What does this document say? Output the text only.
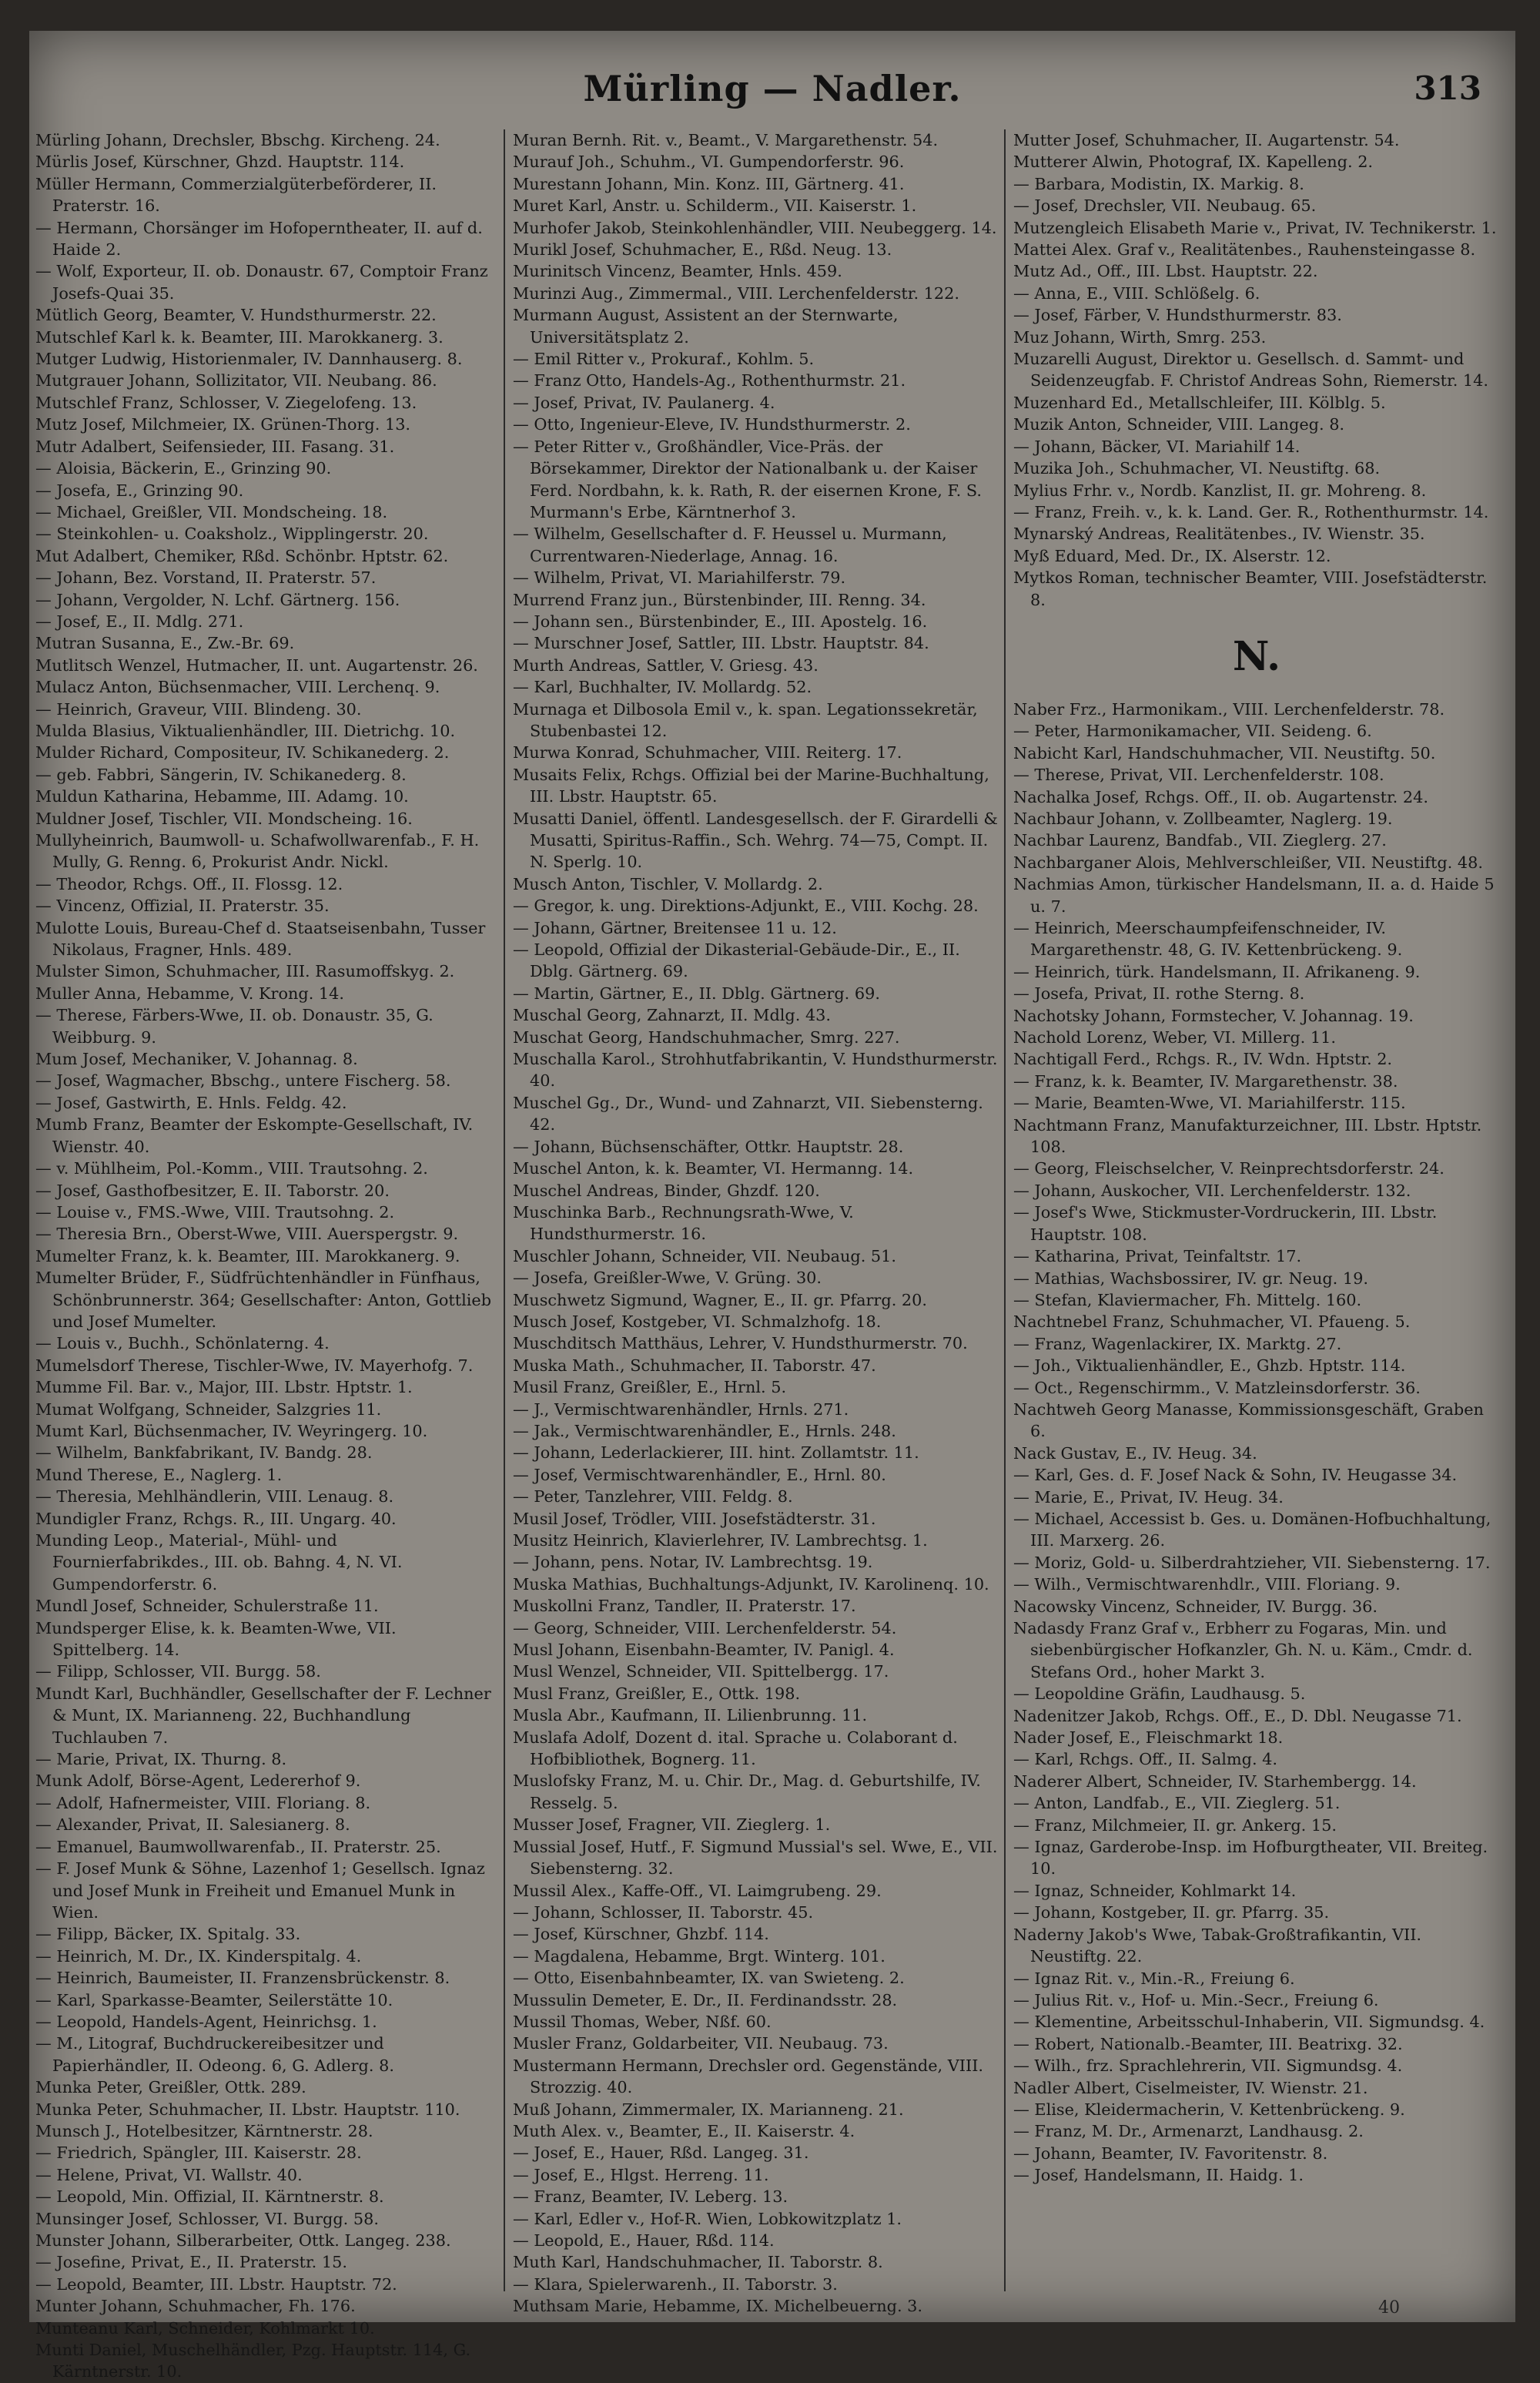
Mürling — Nadler.	313

Mürling Johann, Drechsler, Bbschg. Kircheng. 24.

Mürlis Josef, Kürschner, Ghzd. Hauptstr. 114.

Müller Hermann, Commerzialgüterbeförderer, II. Praterstr. 16.

— Hermann, Chorsänger im Hofoperntheater, II. auf d. Haide 2.

— Wolf, Exporteur, II. ob. Donaustr. 67, Comptoir Franz Josefs-Quai 35.

Mütlich Georg, Beamter, V. Hundsthurmerstr. 22.

Mutschlef Karl k. k. Beamter, III. Marokkanerg. 3.

Mutger Ludwig, Historienmaler, IV. Dannhauserg. 8.

Mutgrauer Johann, Sollizitator, VII. Neubang. 86.

Mutschlef Franz, Schlosser, V. Ziegelofeng. 13.

Mutz Josef, Milchmeier, IX. Grünen-Thorg. 13.

Mutr Adalbert, Seifensieder, III. Fasang. 31.

— Aloisia, Bäckerin, E., Grinzing 90.

— Josefa, E., Grinzing 90.

— Michael, Greißler, VII. Mondscheing. 18.

— Steinkohlen- u. Coaksholz., Wipplingerstr. 20.

Mut Adalbert, Chemiker, Rßd. Schönbr. Hptstr. 62.

— Johann, Bez. Vorstand, II. Praterstr. 57.

— Johann, Vergolder, N. Lchf. Gärtnerg. 156.

— Josef, E., II. Mdlg. 271.

Mutran Susanna, E., Zw.-Br. 69.

Mutlitsch Wenzel, Hutmacher, II. unt. Augartenstr. 26.

Mulacz Anton, Büchsenmacher, VIII. Lerchenq. 9.

— Heinrich, Graveur, VIII. Blindeng. 30.

Mulda Blasius, Viktualienhändler, III. Dietrichg. 10.

Mulder Richard, Compositeur, IV. Schikanederg. 2.

— geb. Fabbri, Sängerin, IV. Schikanederg. 8.

Muldun Katharina, Hebamme, III. Adamg. 10.

Muldner Josef, Tischler, VII. Mondscheing. 16.

Mullyheinrich, Baumwoll- u. Schafwollwarenfab., F. H. Mully, G. Renng. 6, Prokurist Andr. Nickl.

— Theodor, Rchgs. Off., II. Flossg. 12.

— Vincenz, Offizial, II. Praterstr. 35.

Mulotte Louis, Bureau-Chef d. Staatseisenbahn, Tusser Nikolaus, Fragner, Hnls. 489.

Mulster Simon, Schuhmacher, III. Rasumoffskyg. 2.

Muller Anna, Hebamme, V. Krong. 14.

— Therese, Färbers-Wwe, II. ob. Donaustr. 35, G. Weibburg. 9.

Mum Josef, Mechaniker, V. Johannag. 8.

— Josef, Wagmacher, Bbschg., untere Fischerg. 58.

— Josef, Gastwirth, E. Hnls. Feldg. 42.

Mumb Franz, Beamter der Eskompte-Gesellschaft, IV. Wienstr. 40.

— v. Mühlheim, Pol.-Komm., VIII. Trautsohng. 2.

— Josef, Gasthofbesitzer, E. II. Taborstr. 20.

— Louise v., FMS.-Wwe, VIII. Trautsohng. 2.

— Theresia Brn., Oberst-Wwe, VIII. Auerspergstr. 9.

Mumelter Franz, k. k. Beamter, III. Marokkanerg. 9.

Mumelter Brüder, F., Südfrüchtenhändler in Fünfhaus, Schönbrunnerstr. 364; Gesellschafter: Anton, Gottlieb und Josef Mumelter.

— Louis v., Buchh., Schönlaterng. 4.

Mumelsdorf Therese, Tischler-Wwe, IV. Mayerhofg. 7.

Mumme Fil. Bar. v., Major, III. Lbstr. Hptstr. 1.

Mumat Wolfgang, Schneider, Salzgries 11.

Mumt Karl, Büchsenmacher, IV. Weyringerg. 10.

— Wilhelm, Bankfabrikant, IV. Bandg. 28.

Mund Therese, E., Naglerg. 1.

— Theresia, Mehlhändlerin, VIII. Lenaug. 8.

Mundigler Franz, Rchgs. R., III. Ungarg. 40.

Munding Leop., Material-, Mühl- und Fournierfabrikdes., III. ob. Bahng. 4, N. VI. Gumpendorferstr. 6.

Mundl Josef, Schneider, Schulerstraße 11.

Mundsperger Elise, k. k. Beamten-Wwe, VII. Spittelberg. 14.

— Filipp, Schlosser, VII. Burgg. 58.

Mundt Karl, Buchhändler, Gesellschafter der F. Lechner & Munt, IX. Marianneng. 22, Buchhandlung Tuchlauben 7.

— Marie, Privat, IX. Thurng. 8.

Munk Adolf, Börse-Agent, Ledererhof 9.

— Adolf, Hafnermeister, VIII. Floriang. 8.

— Alexander, Privat, II. Salesianerg. 8.

— Emanuel, Baumwollwarenfab., II. Praterstr. 25.

— F. Josef Munk & Söhne, Lazenhof 1; Gesellsch. Ignaz und Josef Munk in Freiheit und Emanuel Munk in Wien.

— Filipp, Bäcker, IX. Spitalg. 33.

— Heinrich, M. Dr., IX. Kinderspitalg. 4.

— Heinrich, Baumeister, II. Franzensbrückenstr. 8.

— Karl, Sparkasse-Beamter, Seilerstätte 10.

— Leopold, Handels-Agent, Heinrichsg. 1.

— M., Litograf, Buchdruckereibesitzer und Papierhändler, II. Odeong. 6, G. Adlerg. 8.

Munka Peter, Greißler, Ottk. 289.

Munka Peter, Schuhmacher, II. Lbstr. Hauptstr. 110.

Munsch J., Hotelbesitzer, Kärntnerstr. 28.

— Friedrich, Spängler, III. Kaiserstr. 28.

— Helene, Privat, VI. Wallstr. 40.

— Leopold, Min. Offizial, II. Kärntnerstr. 8.

Munsinger Josef, Schlosser, VI. Burgg. 58.

Munster Johann, Silberarbeiter, Ottk. Langeg. 238.

— Josefine, Privat, E., II. Praterstr. 15.

— Leopold, Beamter, III. Lbstr. Hauptstr. 72.

Munter Johann, Schuhmacher, Fh. 176.

Munteanu Karl, Schneider, Kohlmarkt 10.

Munti Daniel, Muschelhändler, Pzg. Hauptstr. 114, G. Kärntnerstr. 10.

Muran Bernh. Rit. v., Beamt., V. Margarethenstr. 54.

Murauf Joh., Schuhm., VI. Gumpendorferstr. 96.

Murestann Johann, Min. Konz. III, Gärtnerg. 41.

Muret Karl, Anstr. u. Schilderm., VII. Kaiserstr. 1.

Murhofer Jakob, Steinkohlenhändler, VIII. Neubeggerg. 14.

Murikl Josef, Schuhmacher, E., Rßd. Neug. 13.

Murinitsch Vincenz, Beamter, Hnls. 459.

Murinzi Aug., Zimmermal., VIII. Lerchenfelderstr. 122.

Murmann August, Assistent an der Sternwarte, Universitätsplatz 2.

— Emil Ritter v., Prokuraf., Kohlm. 5.

— Franz Otto, Handels-Ag., Rothenthurmstr. 21.

— Josef, Privat, IV. Paulanerg. 4.

— Otto, Ingenieur-Eleve, IV. Hundsthurmerstr. 2.

— Peter Ritter v., Großhändler, Vice-Präs. der Börsekammer, Direktor der Nationalbank u. der Kaiser Ferd. Nordbahn, k. k. Rath, R. der eisernen Krone, F. S. Murmann's Erbe, Kärntnerhof 3.

— Wilhelm, Gesellschafter d. F. Heussel u. Murmann, Currentwaren-Niederlage, Annag. 16.

— Wilhelm, Privat, VI. Mariahilferstr. 79.

Murrend Franz jun., Bürstenbinder, III. Renng. 34.

— Johann sen., Bürstenbinder, E., III. Apostelg. 16.

— Murschner Josef, Sattler, III. Lbstr. Hauptstr. 84.

Murth Andreas, Sattler, V. Griesg. 43.

— Karl, Buchhalter, IV. Mollardg. 52.

Murnaga et Dilbosola Emil v., k. span. Legationssekretär, Stubenbastei 12.

Murwa Konrad, Schuhmacher, VIII. Reiterg. 17.

Musaits Felix, Rchgs. Offizial bei der Marine-Buchhaltung, III. Lbstr. Hauptstr. 65.

Musatti Daniel, öffentl. Landesgesellsch. der F. Girardelli & Musatti, Spiritus-Raffin., Sch. Wehrg. 74—75, Compt. II. N. Sperlg. 10.

Musch Anton, Tischler, V. Mollardg. 2.

— Gregor, k. ung. Direktions-Adjunkt, E., VIII. Kochg. 28.

— Johann, Gärtner, Breitensee 11 u. 12.

— Leopold, Offizial der Dikasterial-Gebäude-Dir., E., II. Dblg. Gärtnerg. 69.

— Martin, Gärtner, E., II. Dblg. Gärtnerg. 69.

Muschal Georg, Zahnarzt, II. Mdlg. 43.

Muschat Georg, Handschuhmacher, Smrg. 227.

Muschalla Karol., Strohhutfabrikantin, V. Hundsthurmerstr. 40.

Muschel Gg., Dr., Wund- und Zahnarzt, VII. Siebensterng. 42.

— Johann, Büchsenschäfter, Ottkr. Hauptstr. 28.

Muschel Anton, k. k. Beamter, VI. Hermanng. 14.

Muschel Andreas, Binder, Ghzdf. 120.

Muschinka Barb., Rechnungsrath-Wwe, V. Hundsthurmerstr. 16.

Muschler Johann, Schneider, VII. Neubaug. 51.

— Josefa, Greißler-Wwe, V. Grüng. 30.

Muschwetz Sigmund, Wagner, E., II. gr. Pfarrg. 20.

Musch Josef, Kostgeber, VI. Schmalzhofg. 18.

Muschditsch Matthäus, Lehrer, V. Hundsthurmerstr. 70.

Muska Math., Schuhmacher, II. Taborstr. 47.

Musil Franz, Greißler, E., Hrnl. 5.

— J., Vermischtwarenhändler, Hrnls. 271.

— Jak., Vermischtwarenhändler, E., Hrnls. 248.

— Johann, Lederlackierer, III. hint. Zollamtstr. 11.

— Josef, Vermischtwarenhändler, E., Hrnl. 80.

— Peter, Tanzlehrer, VIII. Feldg. 8.

Musil Josef, Trödler, VIII. Josefstädterstr. 31.

Musitz Heinrich, Klavierlehrer, IV. Lambrechtsg. 1.

— Johann, pens. Notar, IV. Lambrechtsg. 19.

Muska Mathias, Buchhaltungs-Adjunkt, IV. Karolinenq. 10.

Muskollni Franz, Tandler, II. Praterstr. 17.

— Georg, Schneider, VIII. Lerchenfelderstr. 54.

Musl Johann, Eisenbahn-Beamter, IV. Panigl. 4.

Musl Wenzel, Schneider, VII. Spittelbergg. 17.

Musl Franz, Greißler, E., Ottk. 198.

Musla Abr., Kaufmann, II. Lilienbrunng. 11.

Muslafa Adolf, Dozent d. ital. Sprache u. Colaborant d. Hofbibliothek, Bognerg. 11.

Muslofsky Franz, M. u. Chir. Dr., Mag. d. Geburtshilfe, IV. Resselg. 5.

Musser Josef, Fragner, VII. Zieglerg. 1.

Mussial Josef, Hutf., F. Sigmund Mussial's sel. Wwe, E., VII. Siebensterng. 32.

Mussil Alex., Kaffe-Off., VI. Laimgrubeng. 29.

— Johann, Schlosser, II. Taborstr. 45.

— Josef, Kürschner, Ghzbf. 114.

— Magdalena, Hebamme, Brgt. Winterg. 101.

— Otto, Eisenbahnbeamter, IX. van Swieteng. 2.

Mussulin Demeter, E. Dr., II. Ferdinandsstr. 28.

Mussil Thomas, Weber, Nßf. 60.

Musler Franz, Goldarbeiter, VII. Neubaug. 73.

Mustermann Hermann, Drechsler ord. Gegenstände, VIII. Strozzig. 40.

Muß Johann, Zimmermaler, IX. Marianneng. 21.

Muth Alex. v., Beamter, E., II. Kaiserstr. 4.

— Josef, E., Hauer, Rßd. Langeg. 31.

— Josef, E., Hlgst. Herreng. 11.

— Franz, Beamter, IV. Leberg. 13.

— Karl, Edler v., Hof-R. Wien, Lobkowitzplatz 1.

— Leopold, E., Hauer, Rßd. 114.

Muth Karl, Handschuhmacher, II. Taborstr. 8.

— Klara, Spielerwarenh., II. Taborstr. 3.

Muthsam Marie, Hebamme, IX. Michelbeuerng. 3.

Mutter Josef, Schuhmacher, II. Augartenstr. 54.

Mutterer Alwin, Photograf, IX. Kapelleng. 2.

— Barbara, Modistin, IX. Markig. 8.

— Josef, Drechsler, VII. Neubaug. 65.

Mutzengleich Elisabeth Marie v., Privat, IV. Technikerstr. 1.

Mattei Alex. Graf v., Realitätenbes., Rauhensteingasse 8.

Mutz Ad., Off., III. Lbst. Hauptstr. 22.

— Anna, E., VIII. Schlößelg. 6.

— Josef, Färber, V. Hundsthurmerstr. 83.

Muz Johann, Wirth, Smrg. 253.

Muzarelli August, Direktor u. Gesellsch. d. Sammt- und Seidenzeugfab. F. Christof Andreas Sohn, Riemerstr. 14.

Muzenhard Ed., Metallschleifer, III. Kölblg. 5.

Muzik Anton, Schneider, VIII. Langeg. 8.

— Johann, Bäcker, VI. Mariahilf 14.

Muzika Joh., Schuhmacher, VI. Neustiftg. 68.

Mylius Frhr. v., Nordb. Kanzlist, II. gr. Mohreng. 8.

— Franz, Freih. v., k. k. Land. Ger. R., Rothenthurmstr. 14.

Mynarský Andreas, Realitätenbes., IV. Wienstr. 35.

Myß Eduard, Med. Dr., IX. Alserstr. 12.

Mytkos Roman, technischer Beamter, VIII. Josefstädterstr. 8.

N.

Naber Frz., Harmonikam., VIII. Lerchenfelderstr. 78.

— Peter, Harmonikamacher, VII. Seideng. 6.

Nabicht Karl, Handschuhmacher, VII. Neustiftg. 50.

— Therese, Privat, VII. Lerchenfelderstr. 108.

Nachalka Josef, Rchgs. Off., II. ob. Augartenstr. 24.

Nachbaur Johann, v. Zollbeamter, Naglerg. 19.

Nachbar Laurenz, Bandfab., VII. Zieglerg. 27.

Nachbarganer Alois, Mehlverschleißer, VII. Neustiftg. 48.

Nachmias Amon, türkischer Handelsmann, II. a. d. Haide 5 u. 7.

— Heinrich, Meerschaumpfeifenschneider, IV. Margarethenstr. 48, G. IV. Kettenbrückeng. 9.

— Heinrich, türk. Handelsmann, II. Afrikaneng. 9.

— Josefa, Privat, II. rothe Sterng. 8.

Nachotsky Johann, Formstecher, V. Johannag. 19.

Nachold Lorenz, Weber, VI. Millerg. 11.

Nachtigall Ferd., Rchgs. R., IV. Wdn. Hptstr. 2.

— Franz, k. k. Beamter, IV. Margarethenstr. 38.

— Marie, Beamten-Wwe, VI. Mariahilferstr. 115.

Nachtmann Franz, Manufakturzeichner, III. Lbstr. Hptstr. 108.

— Georg, Fleischselcher, V. Reinprechtsdorferstr. 24.

— Johann, Auskocher, VII. Lerchenfelderstr. 132.

— Josef's Wwe, Stickmuster-Vordruckerin, III. Lbstr. Hauptstr. 108.

— Katharina, Privat, Teinfaltstr. 17.

— Mathias, Wachsbossirer, IV. gr. Neug. 19.

— Stefan, Klaviermacher, Fh. Mittelg. 160.

Nachtnebel Franz, Schuhmacher, VI. Pfaueng. 5.

— Franz, Wagenlackirer, IX. Marktg. 27.

— Joh., Viktualienhändler, E., Ghzb. Hptstr. 114.

— Oct., Regenschirmm., V. Matzleinsdorferstr. 36.

Nachtweh Georg Manasse, Kommissionsgeschäft, Graben 6.

Nack Gustav, E., IV. Heug. 34.

— Karl, Ges. d. F. Josef Nack & Sohn, IV. Heugasse 34.

— Marie, E., Privat, IV. Heug. 34.

— Michael, Accessist b. Ges. u. Domänen-Hofbuchhaltung, III. Marxerg. 26.

— Moriz, Gold- u. Silberdrahtzieher, VII. Siebensterng. 17.

— Wilh., Vermischtwarenhdlr., VIII. Floriang. 9.

Nacowsky Vincenz, Schneider, IV. Burgg. 36.

Nadasdy Franz Graf v., Erbherr zu Fogaras, Min. und siebenbürgischer Hofkanzler, Gh. N. u. Käm., Cmdr. d. Stefans Ord., hoher Markt 3.

— Leopoldine Gräfin, Laudhausg. 5.

Nadenitzer Jakob, Rchgs. Off., E., D. Dbl. Neugasse 71.

Nader Josef, E., Fleischmarkt 18.

— Karl, Rchgs. Off., II. Salmg. 4.

Naderer Albert, Schneider, IV. Starhembergg. 14.

— Anton, Landfab., E., VII. Zieglerg. 51.

— Franz, Milchmeier, II. gr. Ankerg. 15.

— Ignaz, Garderobe-Insp. im Hofburgtheater, VII. Breiteg. 10.

— Ignaz, Schneider, Kohlmarkt 14.

— Johann, Kostgeber, II. gr. Pfarrg. 35.

Naderny Jakob's Wwe, Tabak-Großtrafikantin, VII. Neustiftg. 22.

— Ignaz Rit. v., Min.-R., Freiung 6.

— Julius Rit. v., Hof- u. Min.-Secr., Freiung 6.

— Klementine, Arbeitsschul-Inhaberin, VII. Sigmundsg. 4.

— Robert, Nationalb.-Beamter, III. Beatrixg. 32.

— Wilh., frz. Sprachlehrerin, VII. Sigmundsg. 4.

Nadler Albert, Ciselmeister, IV. Wienstr. 21.

— Elise, Kleidermacherin, V. Kettenbrückeng. 9.

— Franz, M. Dr., Armenarzt, Landhausg. 2.

— Johann, Beamter, IV. Favoritenstr. 8.

— Josef, Handelsmann, II. Haidg. 1.

40
